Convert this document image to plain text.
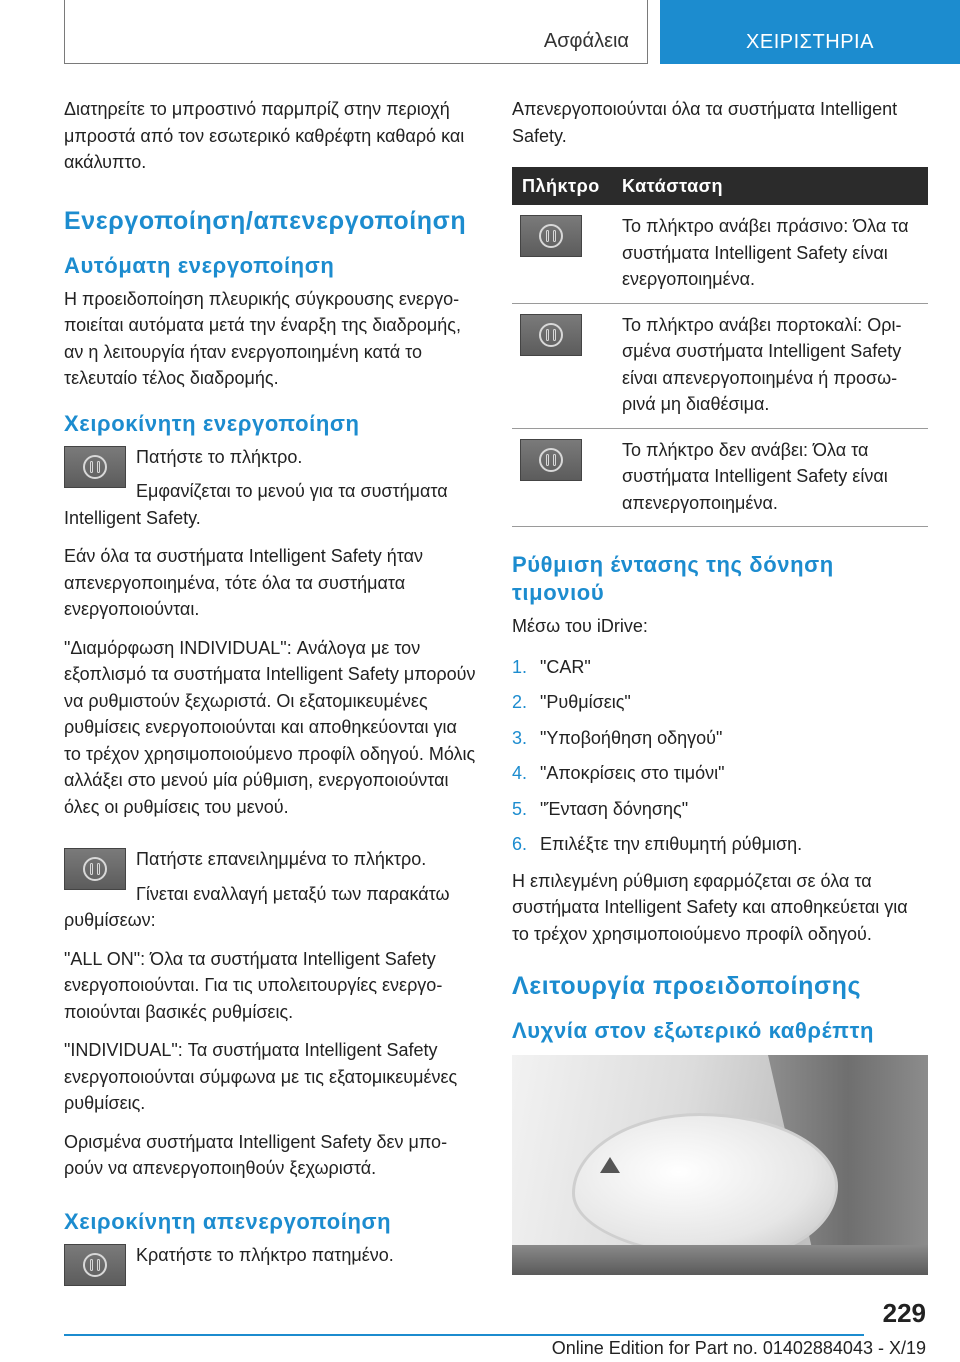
Ασφάλεια	ΧΕΙΡΙΣΤΗΡΙΑ

Διατηρείτε το μπροστινό παρμπρίζ στην περιοχή μπροστά από τον εσωτερικό καθρέφτη καθαρό και ακάλυπτο.

Ενεργοποίηση/απενεργοποίηση
Αυτόματη ενεργοποίηση

Η προειδοποίηση πλευρικής σύγκρουσης ενεργοποιείται αυτόματα μετά την έναρξη της διαδρομής, αν η λειτουργία ήταν ενεργοποιημένη κατά το τελευταίο τέλος διαδρομής.

Χειροκίνητη ενεργοποίηση

Πατήστε το πλήκτρο.

Εμφανίζεται το μενού για τα συστήματα Intelligent Safety.

Εάν όλα τα συστήματα Intelligent Safety ήταν απενεργοποιημένα, τότε όλα τα συστήματα ενεργοποιούνται.

"Διαμόρφωση INDIVIDUAL": Ανάλογα με τον εξοπλισμό τα συστήματα Intelligent Safety μπορούν να ρυθμιστούν ξεχωριστά. Οι εξατομικευμένες ρυθμίσεις ενεργοποιούνται και αποθηκεύονται για το τρέχον χρησιμοποιούμενο προφίλ οδηγού. Μόλις αλλάξει στο μενού μία ρύθμιση, ενεργοποιούνται όλες οι ρυθμίσεις του μενού.

Πατήστε επανειλημμένα το πλήκτρο.

Γίνεται εναλλαγή μεταξύ των παρακάτω ρυθμίσεων:

"ALL ON": Όλα τα συστήματα Intelligent Safety ενεργοποιούνται. Για τις υπολειτουργίες ενεργοποιούνται βασικές ρυθμίσεις.

"INDIVIDUAL": Τα συστήματα Intelligent Safety ενεργοποιούνται σύμφωνα με τις εξατομικευμένες ρυθμίσεις.

Ορισμένα συστήματα Intelligent Safety δεν μπορούν να απενεργοποιηθούν ξεχωριστά.

Χειροκίνητη απενεργοποίηση

Κρατήστε το πλήκτρο πατημένο.

Απενεργοποιούνται όλα τα συστήματα Intelligent Safety.

Πλήκτρο	Κατάσταση

	Το πλήκτρο ανάβει πράσινο: Όλα τα συστήματα Intelligent Safety είναι ενεργοποιημένα.

	Το πλήκτρο ανάβει πορτοκαλί: Ορισμένα συστήματα Intelligent Safety είναι απενεργοποιημένα ή προσωρινά μη διαθέσιμα.

	Το πλήκτρο δεν ανάβει: Όλα τα συστήματα Intelligent Safety είναι απενεργοποιημένα.
Ρύθμιση έντασης της δόνηση τιμονιού

Μέσω του iDrive:

1. "CAR"
2. "Ρυθμίσεις"
3. "Υποβοήθηση οδηγού"
4. "Αποκρίσεις στο τιμόνι"
5. "Ένταση δόνησης"
6. Επιλέξτε την επιθυμητή ρύθμιση.

Η επιλεγμένη ρύθμιση εφαρμόζεται σε όλα τα συστήματα Intelligent Safety και αποθηκεύεται για το τρέχον χρησιμοποιούμενο προφίλ οδηγού.

Λειτουργία προειδοποίησης
Λυχνία στον εξωτερικό καθρέπτη
229
Online Edition for Part no. 01402884043 - X/19
